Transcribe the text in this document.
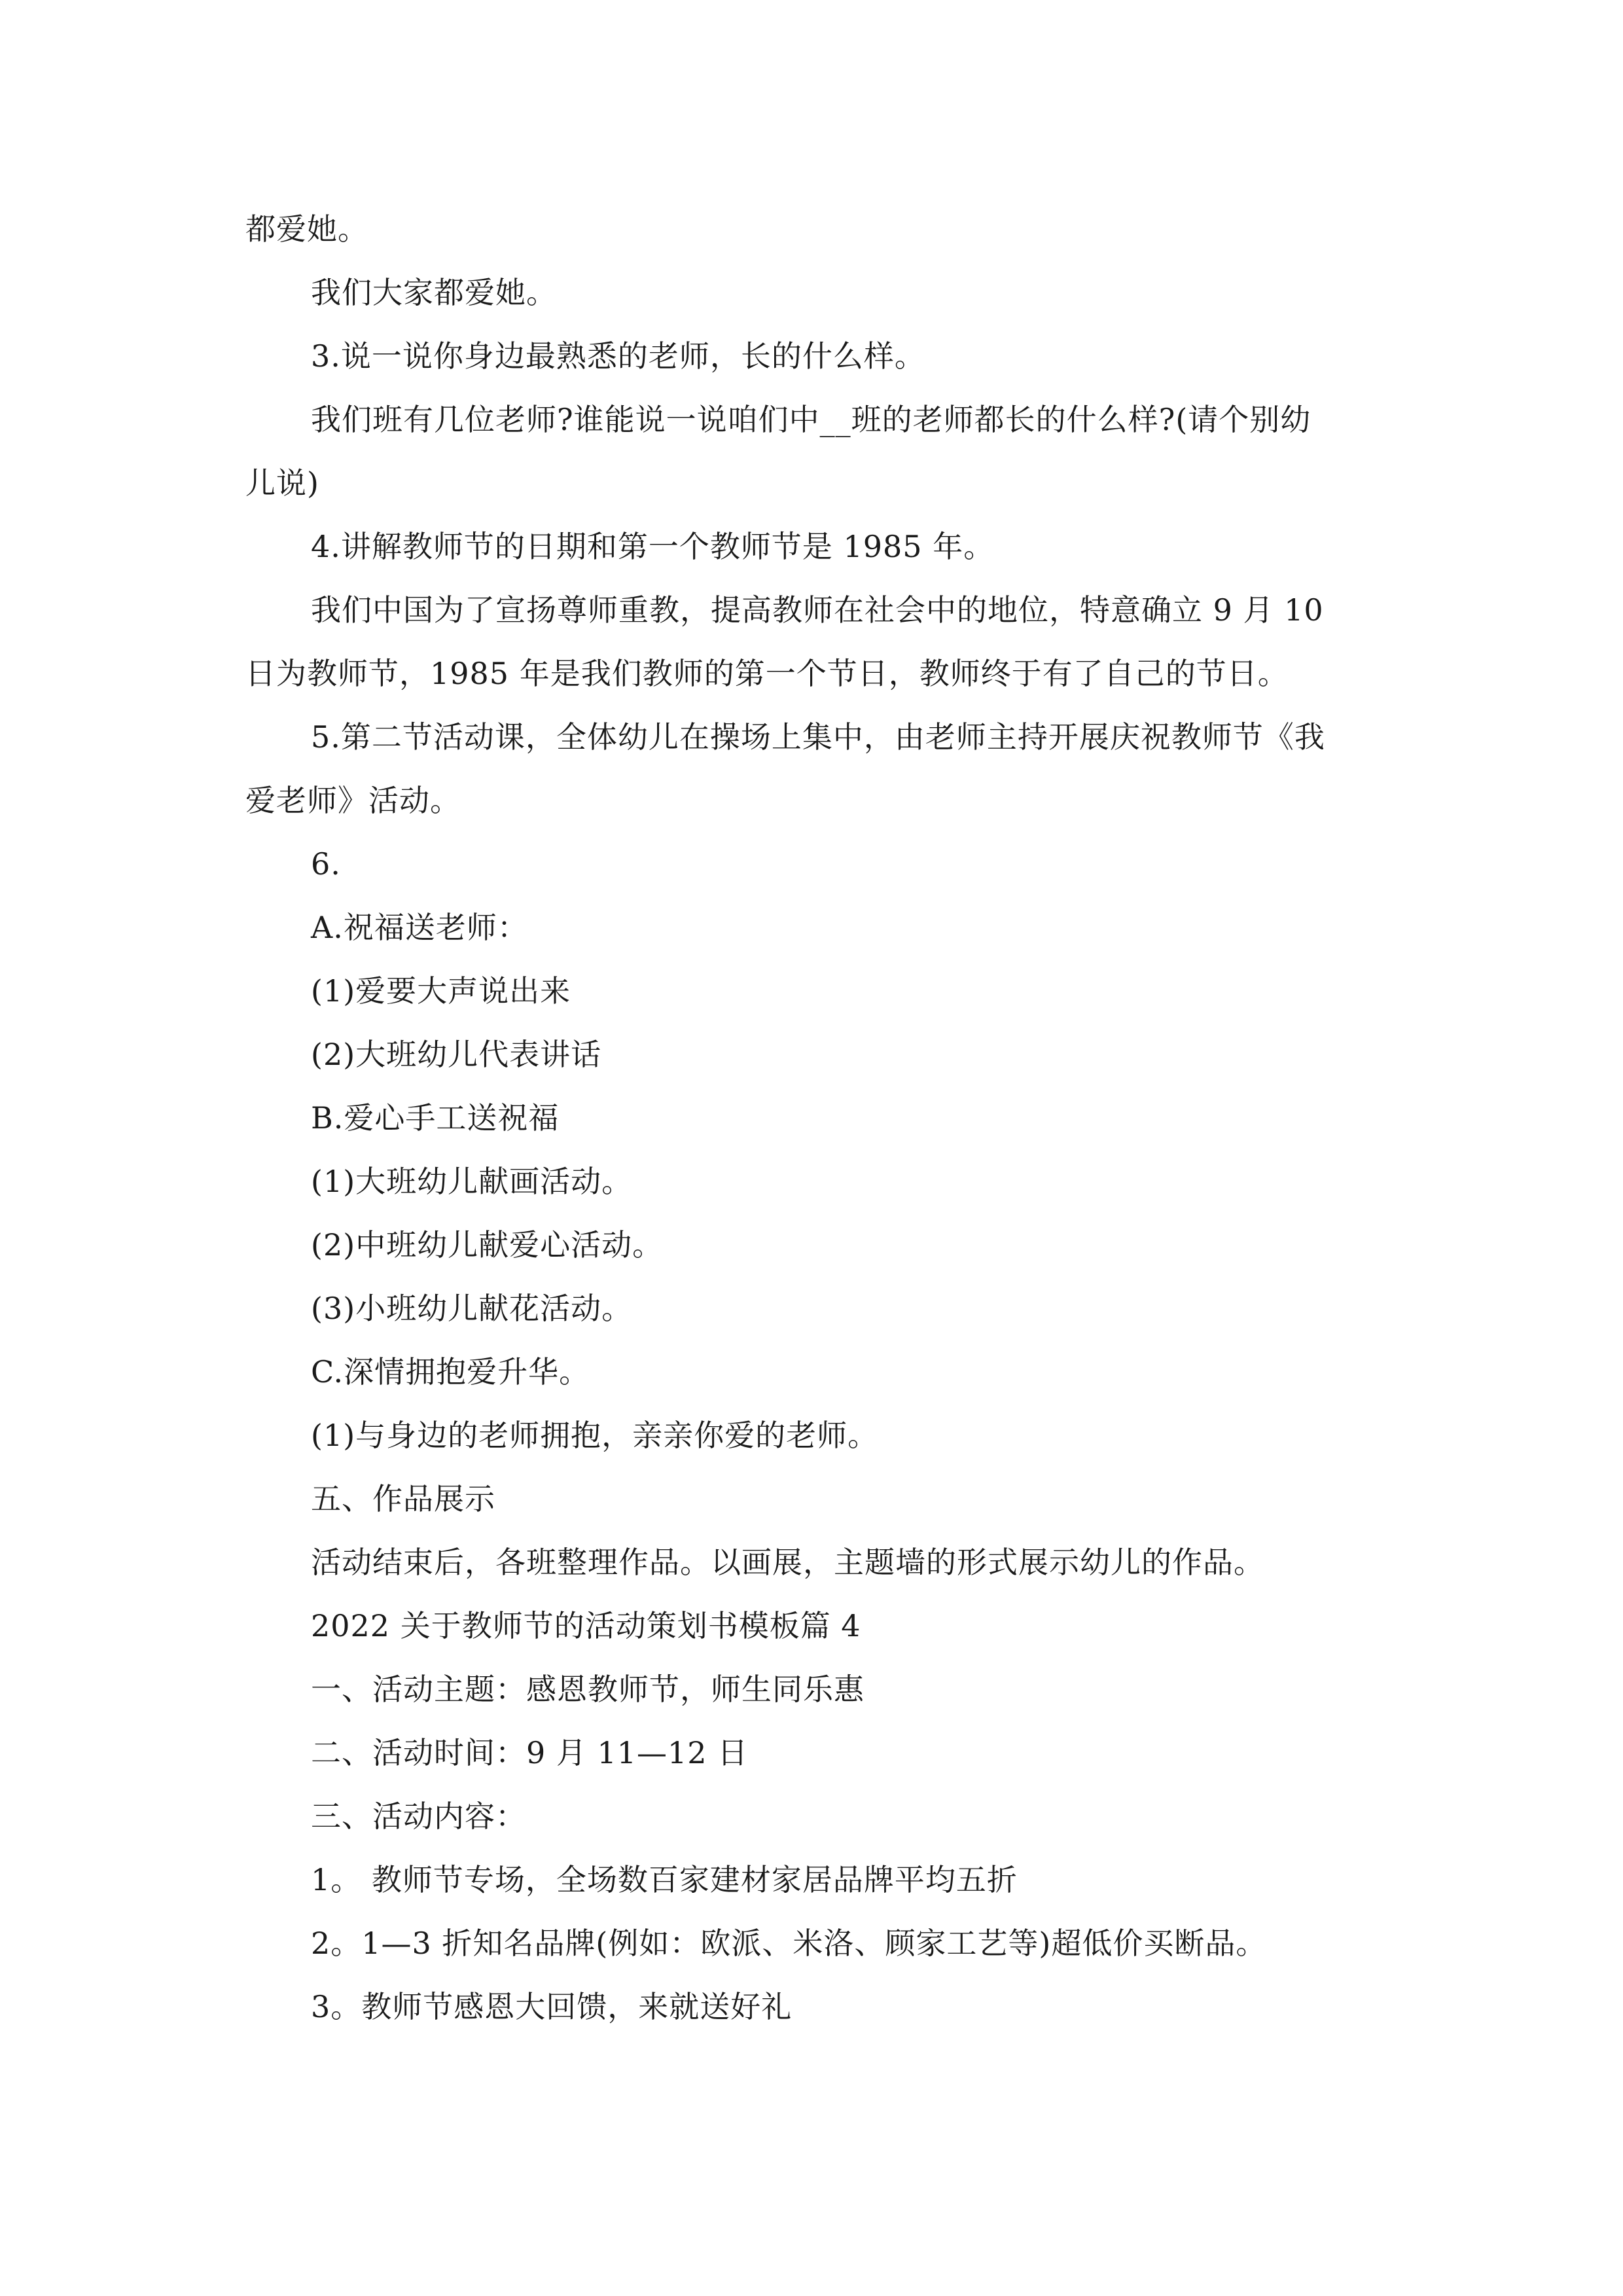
都爱她。
我们大家都爱她。
3.说一说你身边最熟悉的老师，长的什么样。
我们班有几位老师?谁能说一说咱们中__班的老师都长的什么样?(请个别幼
儿说)
4.讲解教师节的日期和第一个教师节是 1985 年。
我们中国为了宣扬尊师重教，提高教师在社会中的地位，特意确立 9 月 10
日为教师节，1985 年是我们教师的第一个节日，教师终于有了自己的节日。
5.第二节活动课，全体幼儿在操场上集中，由老师主持开展庆祝教师节《我
爱老师》活动。
6.
A.祝福送老师：
(1)爱要大声说出来
(2)大班幼儿代表讲话
B.爱心手工送祝福
(1)大班幼儿献画活动。
(2)中班幼儿献爱心活动。
(3)小班幼儿献花活动。
C.深情拥抱爱升华。
(1)与身边的老师拥抱，亲亲你爱的老师。
五、作品展示
活动结束后，各班整理作品。以画展，主题墙的形式展示幼儿的作品。
2022 关于教师节的活动策划书模板篇 4
一、活动主题：感恩教师节，师生同乐惠
二、活动时间：9 月 11—12 日
三、活动内容：
1。 教师节专场，全场数百家建材家居品牌平均五折
2。1—3 折知名品牌(例如：欧派、米洛、顾家工艺等)超低价买断品。
3。教师节感恩大回馈，来就送好礼
